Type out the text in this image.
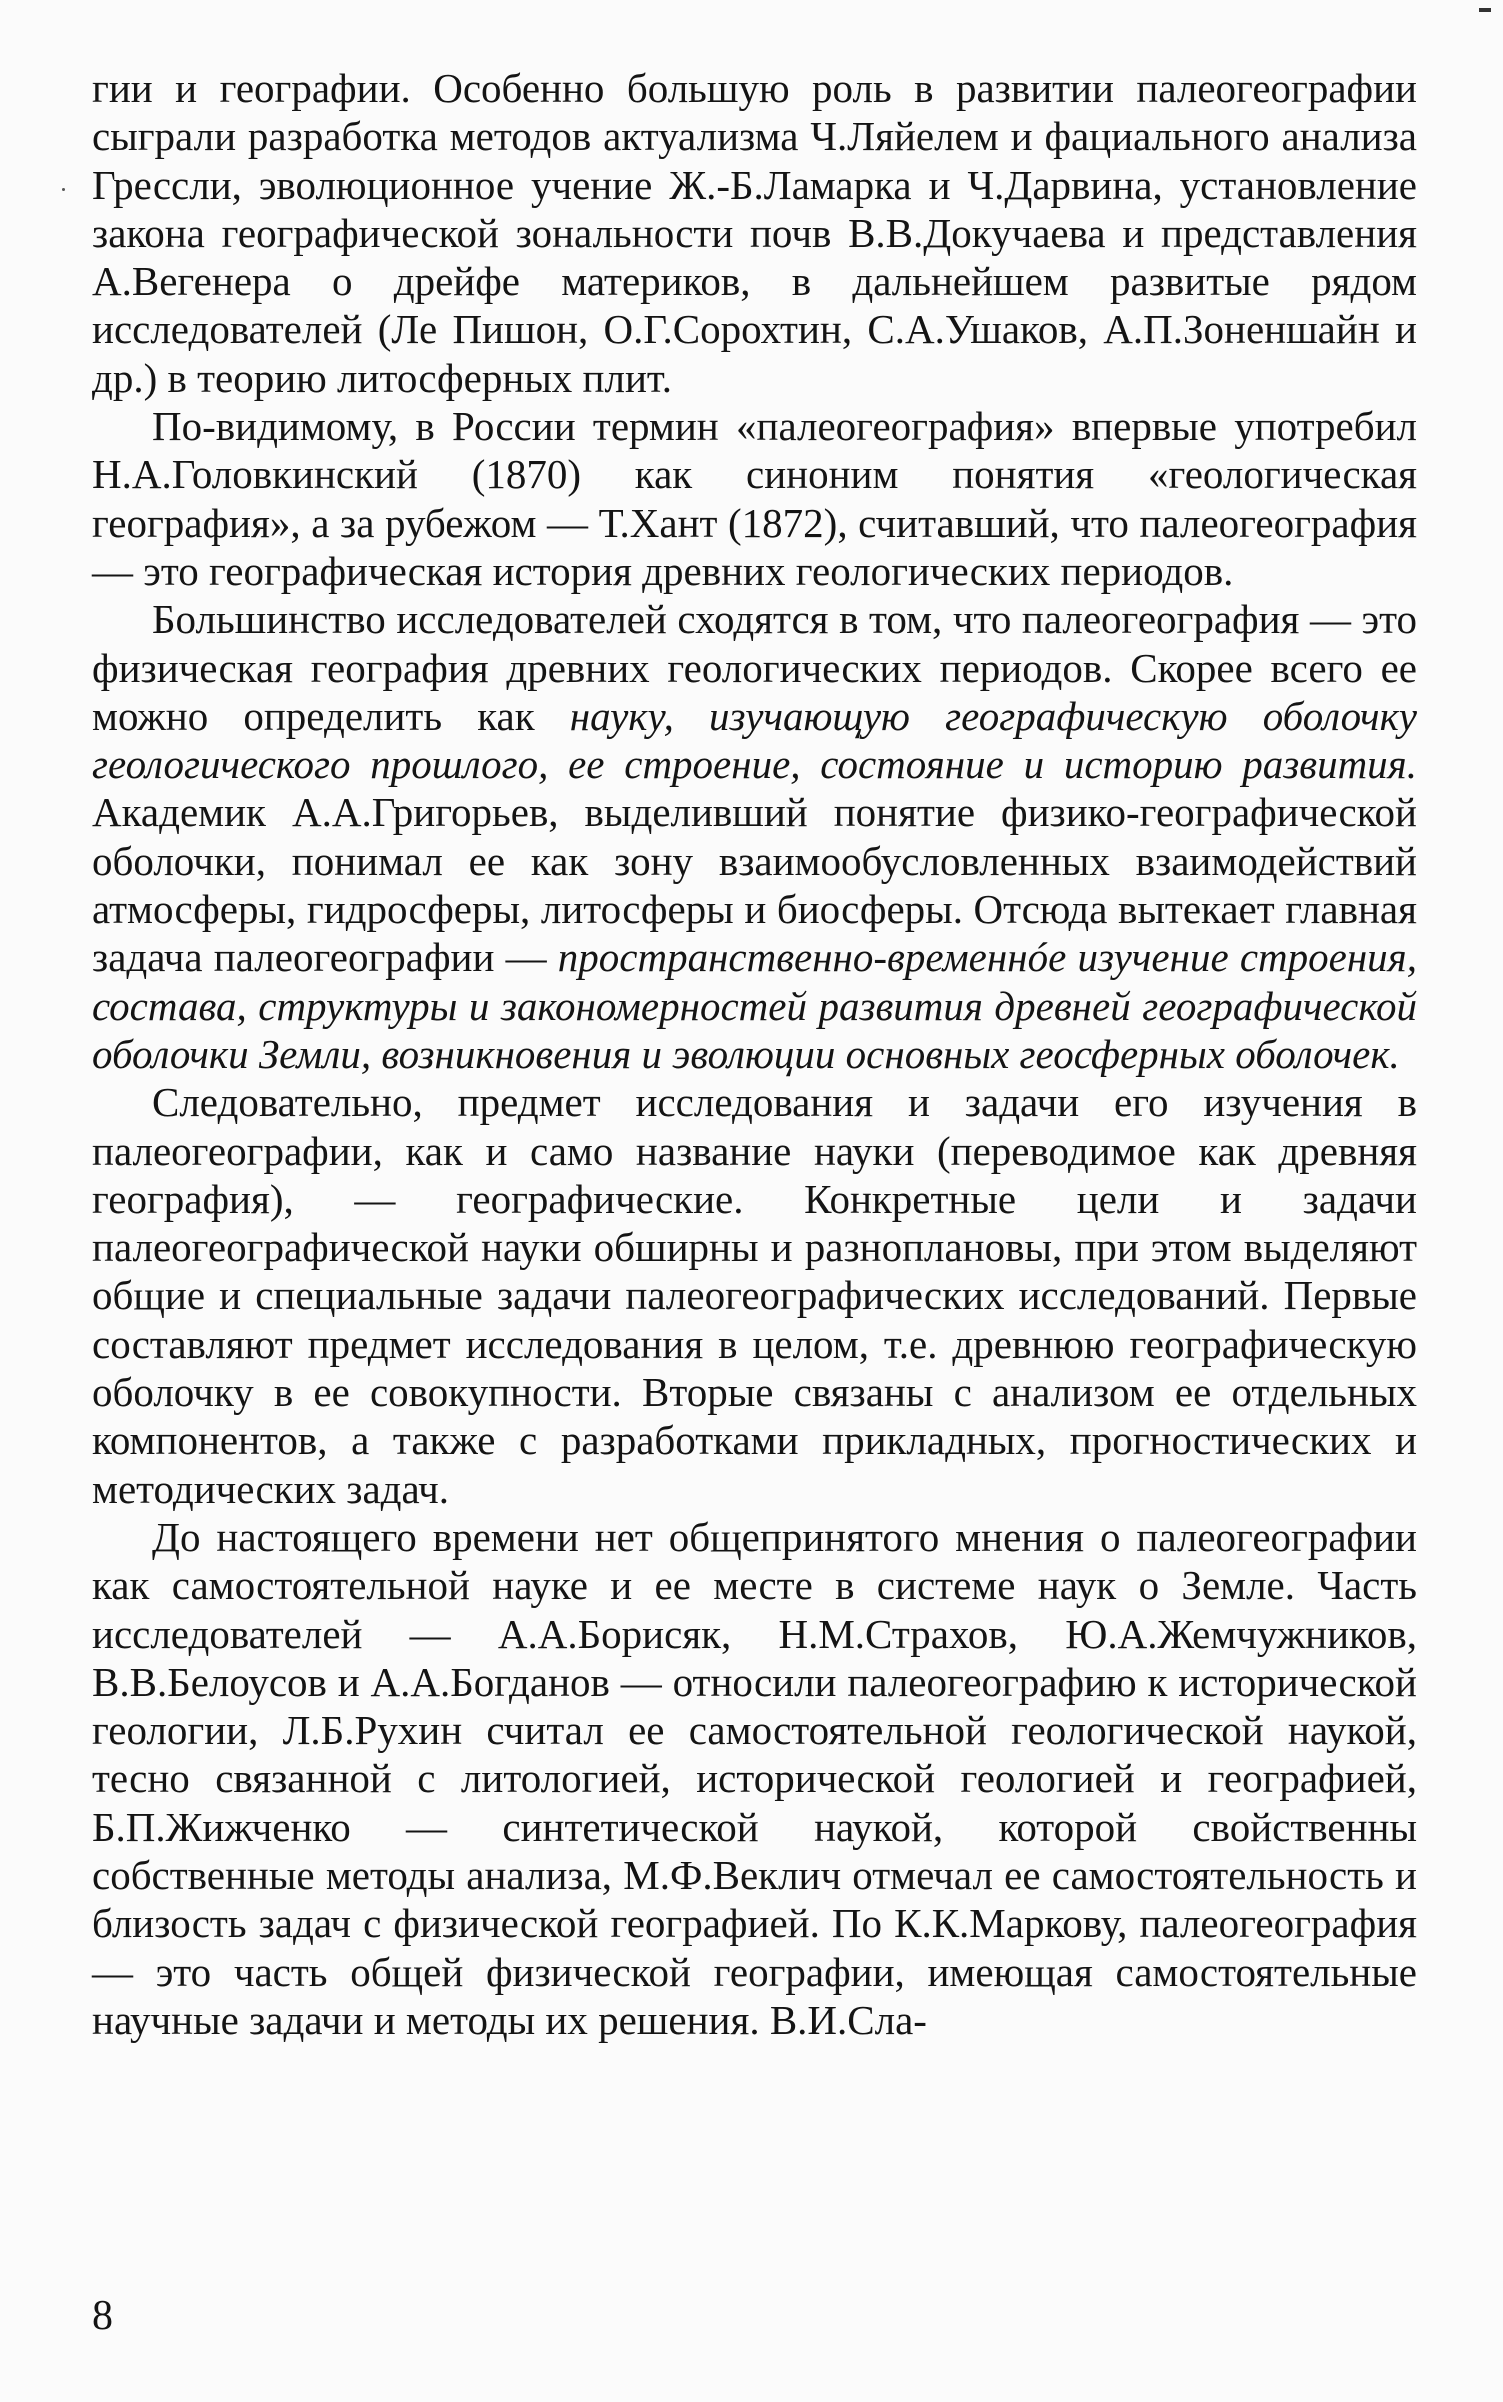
гии и географии. Особенно большую роль в развитии палеогеографии сыграли разработка методов актуализма Ч.Ляйелем и фациального анализа Грессли, эволюционное учение Ж.-Б.Ламарка и Ч.Дарвина, установление закона географической зональности почв В.В.Докучаева и представления А.Вегенера о дрейфе материков, в дальнейшем развитые рядом исследователей (Ле Пишон, О.Г.Сорохтин, С.А.Ушаков, А.П.Зоненшайн и др.) в теорию литосферных плит.

По-видимому, в России термин «палеогеография» впервые употребил Н.А.Головкинский (1870) как синоним понятия «геологическая география», а за рубежом — Т.Хант (1872), считавший, что палеогеография — это географическая история древних геологических периодов.

Большинство исследователей сходятся в том, что палеогеография — это физическая география древних геологических периодов. Скорее всего ее можно определить как науку, изучающую географическую оболочку геологического прошлого, ее строение, состояние и историю развития. Академик А.А.Григорьев, выделивший понятие физико-географической оболочки, понимал ее как зону взаимообусловленных взаимодействий атмосферы, гидросферы, литосферы и биосферы. Отсюда вытекает главная задача палеогеографии — пространственно-временнóе изучение строения, состава, структуры и закономерностей развития древней географической оболочки Земли, возникновения и эволюции основных геосферных оболочек.

Следовательно, предмет исследования и задачи его изучения в палеогеографии, как и само название науки (переводимое как древняя география), — географические. Конкретные цели и задачи палеогеографической науки обширны и разноплановы, при этом выделяют общие и специальные задачи палеогеографических исследований. Первые составляют предмет исследования в целом, т.е. древнюю географическую оболочку в ее совокупности. Вторые связаны с анализом ее отдельных компонентов, а также с разработками прикладных, прогностических и методических задач.

До настоящего времени нет общепринятого мнения о палеогеографии как самостоятельной науке и ее месте в системе наук о Земле. Часть исследователей — А.А.Борисяк, Н.М.Страхов, Ю.А.Жемчужников, В.В.Белоусов и А.А.Богданов — относили палеогеографию к исторической геологии, Л.Б.Рухин считал ее самостоятельной геологической наукой, тесно связанной с литологией, исторической геологией и географией, Б.П.Жижченко — синтетической наукой, которой свойственны собственные методы анализа, М.Ф.Веклич отмечал ее самостоятельность и близость задач с физической географией. По К.К.Маркову, палеогеография — это часть общей физической географии, имеющая самостоятельные научные задачи и методы их решения. В.И.Сла-

8
